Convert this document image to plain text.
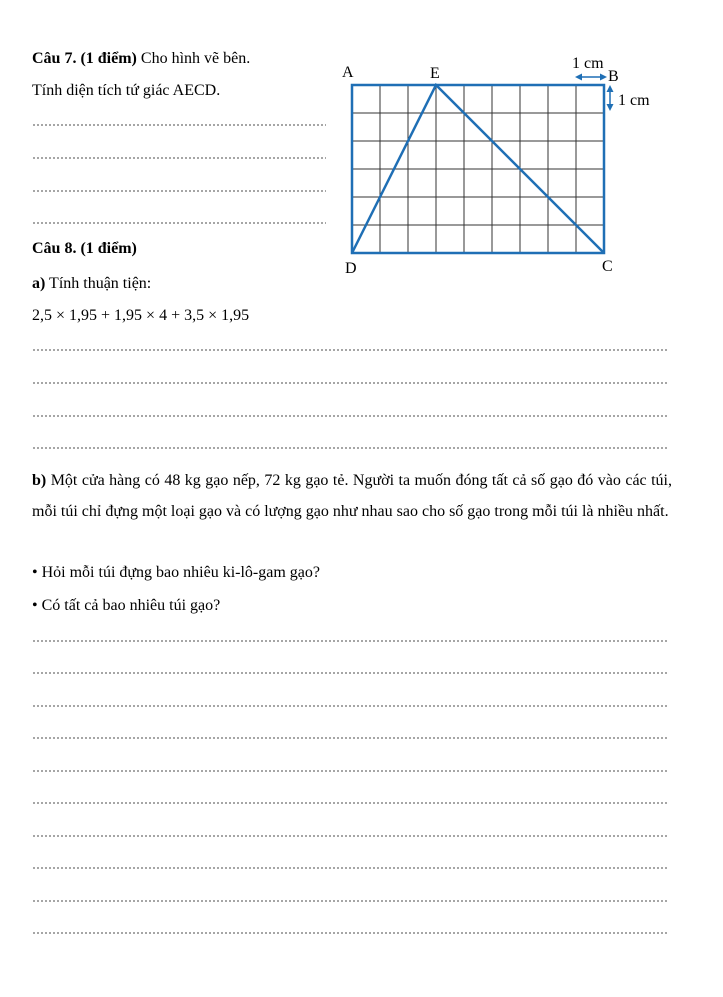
Câu 7. (1 điểm) Cho hình vẽ bên.
Tính diện tích tứ giác AECD.
A	E	B
D	C
1 cm
1 cm
Câu 8. (1 điểm)
a) Tính thuận tiện:
2,5 × 1,95 + 1,95 × 4 + 3,5 × 1,95
b) Một cửa hàng có 48 kg gạo nếp, 72 kg gạo tẻ. Người ta muốn đóng tất cả số gạo đó vào các túi, mỗi túi chỉ đựng một loại gạo và có lượng gạo như nhau sao cho số gạo trong mỗi túi là nhiều nhất.
• Hỏi mỗi túi đựng bao nhiêu ki-lô-gam gạo?
• Có tất cả bao nhiêu túi gạo?
